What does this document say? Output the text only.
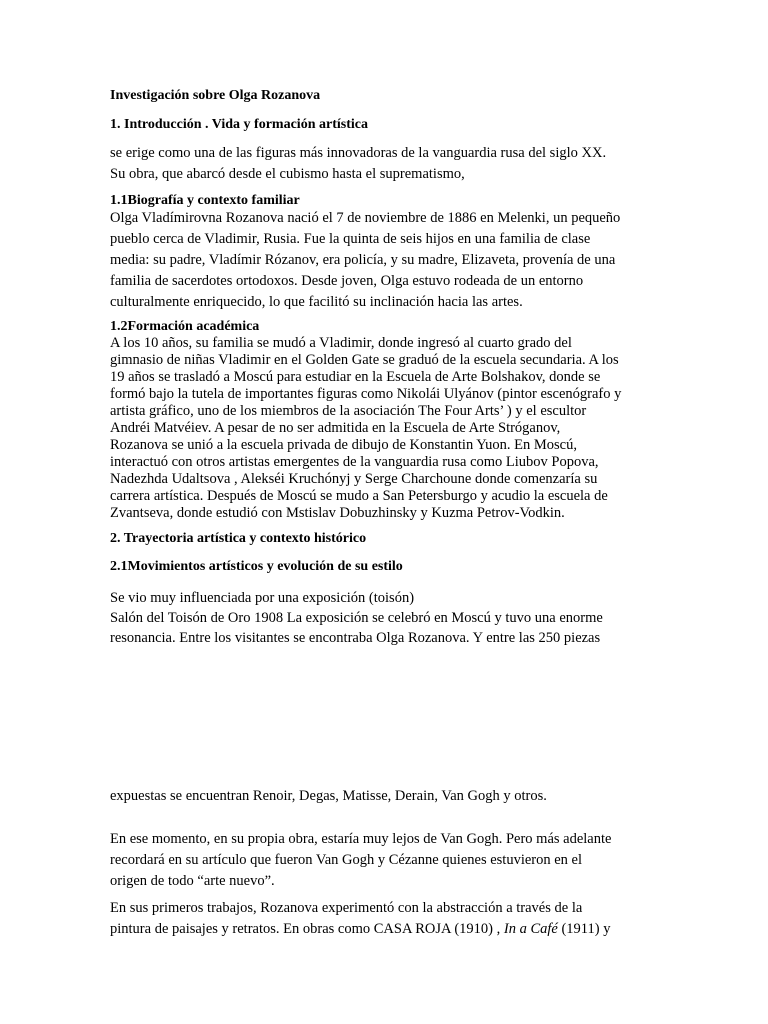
Investigación sobre Olga Rozanova
1. Introducción . Vida y formación artística
se erige como una de las figuras más innovadoras de la vanguardia rusa del siglo XX.
Su obra, que abarcó desde el cubismo hasta el suprematismo,
1.1Biografía y contexto familiar
Olga Vladímirovna Rozanova nació el 7 de noviembre de 1886 en Melenki, un pequeño
pueblo cerca de Vladimir, Rusia. Fue la quinta de seis hijos en una familia de clase
media: su padre, Vladímir Rózanov, era policía, y su madre, Elizaveta, provenía de una
familia de sacerdotes ortodoxos. Desde joven, Olga estuvo rodeada de un entorno
culturalmente enriquecido, lo que facilitó su inclinación hacia las artes.
1.2Formación académica
A los 10 años, su familia se mudó a Vladimir, donde ingresó al cuarto grado del
gimnasio de niñas Vladimir en el Golden Gate se graduó de la escuela secundaria. A los
19 años se trasladó a Moscú para estudiar en la Escuela de Arte Bolshakov, donde se
formó bajo la tutela de importantes figuras como Nikolái Ulyánov (pintor escenógrafo y
artista gráfico, uno de los miembros de la asociación The Four Arts’ ) y el escultor
Andréi Matvéiev. A pesar de no ser admitida en la Escuela de Arte Stróganov,
Rozanova se unió a la escuela privada de dibujo de Konstantin Yuon. En Moscú,
interactuó con otros artistas emergentes de la vanguardia rusa como Liubov Popova,
Nadezhda Udaltsova , Alekséi Kruchónyj y Serge Charchoune donde comenzaría su
carrera artística. Después de Moscú se mudo a San Petersburgo y acudio la escuela de
Zvantseva, donde estudió con Mstislav Dobuzhinsky y Kuzma Petrov-Vodkin.
2. Trayectoria artística y contexto histórico
2.1Movimientos artísticos y evolución de su estilo
Se vio muy influenciada por una exposición (toisón)
Salón del Toisón de Oro 1908 La exposición se celebró en Moscú y tuvo una enorme
resonancia. Entre los visitantes se encontraba Olga Rozanova. Y entre las 250 piezas
expuestas se encuentran Renoir, Degas, Matisse, Derain, Van Gogh y otros.
En ese momento, en su propia obra, estaría muy lejos de Van Gogh. Pero más adelante
recordará en su artículo que fueron Van Gogh y Cézanne quienes estuvieron en el
origen de todo “arte nuevo”.
En sus primeros trabajos, Rozanova experimentó con la abstracción a través de la
pintura de paisajes y retratos. En obras como CASA ROJA (1910) , In a Café (1911) y
